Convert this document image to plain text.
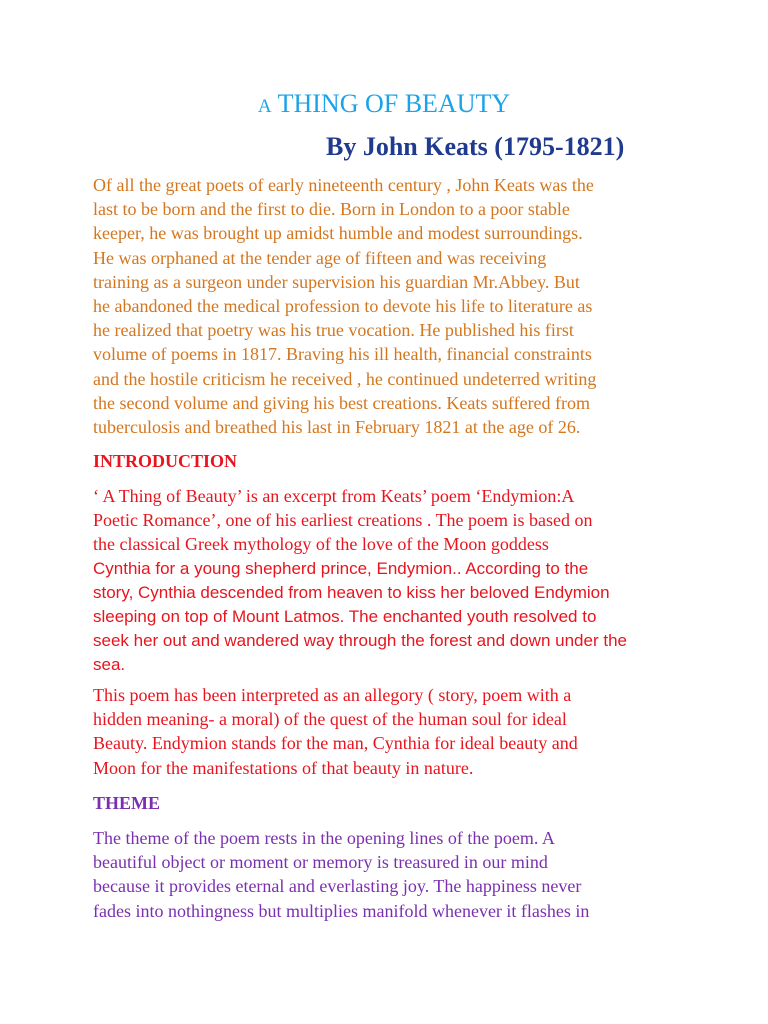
A THING OF BEAUTY
By John Keats (1795-1821)

Of all the great poets of early nineteenth century , John Keats was the
last to be born and the first to die. Born in London to a poor stable
keeper, he was brought up amidst humble and modest surroundings.
He was orphaned at the tender age of fifteen and was receiving
training as a surgeon under supervision his guardian Mr.Abbey. But
he abandoned the medical profession to devote his life to literature as
he realized that poetry was his true vocation. He published his first
volume of poems in 1817. Braving his ill health, financial constraints
and the hostile criticism he received , he continued undeterred writing
the second volume and giving his best creations. Keats suffered from
tuberculosis and breathed his last in February 1821 at the age of 26.

INTRODUCTION

‘ A Thing of Beauty’ is an excerpt from Keats’ poem ‘Endymion:A
Poetic Romance’, one of his earliest creations . The poem is based on
the classical Greek mythology of the love of the Moon goddess
Cynthia for a young shepherd prince, Endymion.. According to the
story, Cynthia descended from heaven to kiss her beloved Endymion
sleeping on top of Mount Latmos. The enchanted youth resolved to
seek her out and wandered way through the forest and down under the
sea.

This poem has been interpreted as an allegory ( story, poem with a
hidden meaning- a moral) of the quest of the human soul for ideal
Beauty. Endymion stands for the man, Cynthia for ideal beauty and
Moon for the manifestations of that beauty in nature.

THEME

The theme of the poem rests in the opening lines of the poem. A
beautiful object or moment or memory is treasured in our mind
because it provides eternal and everlasting joy. The happiness never
fades into nothingness but multiplies manifold whenever it flashes in
